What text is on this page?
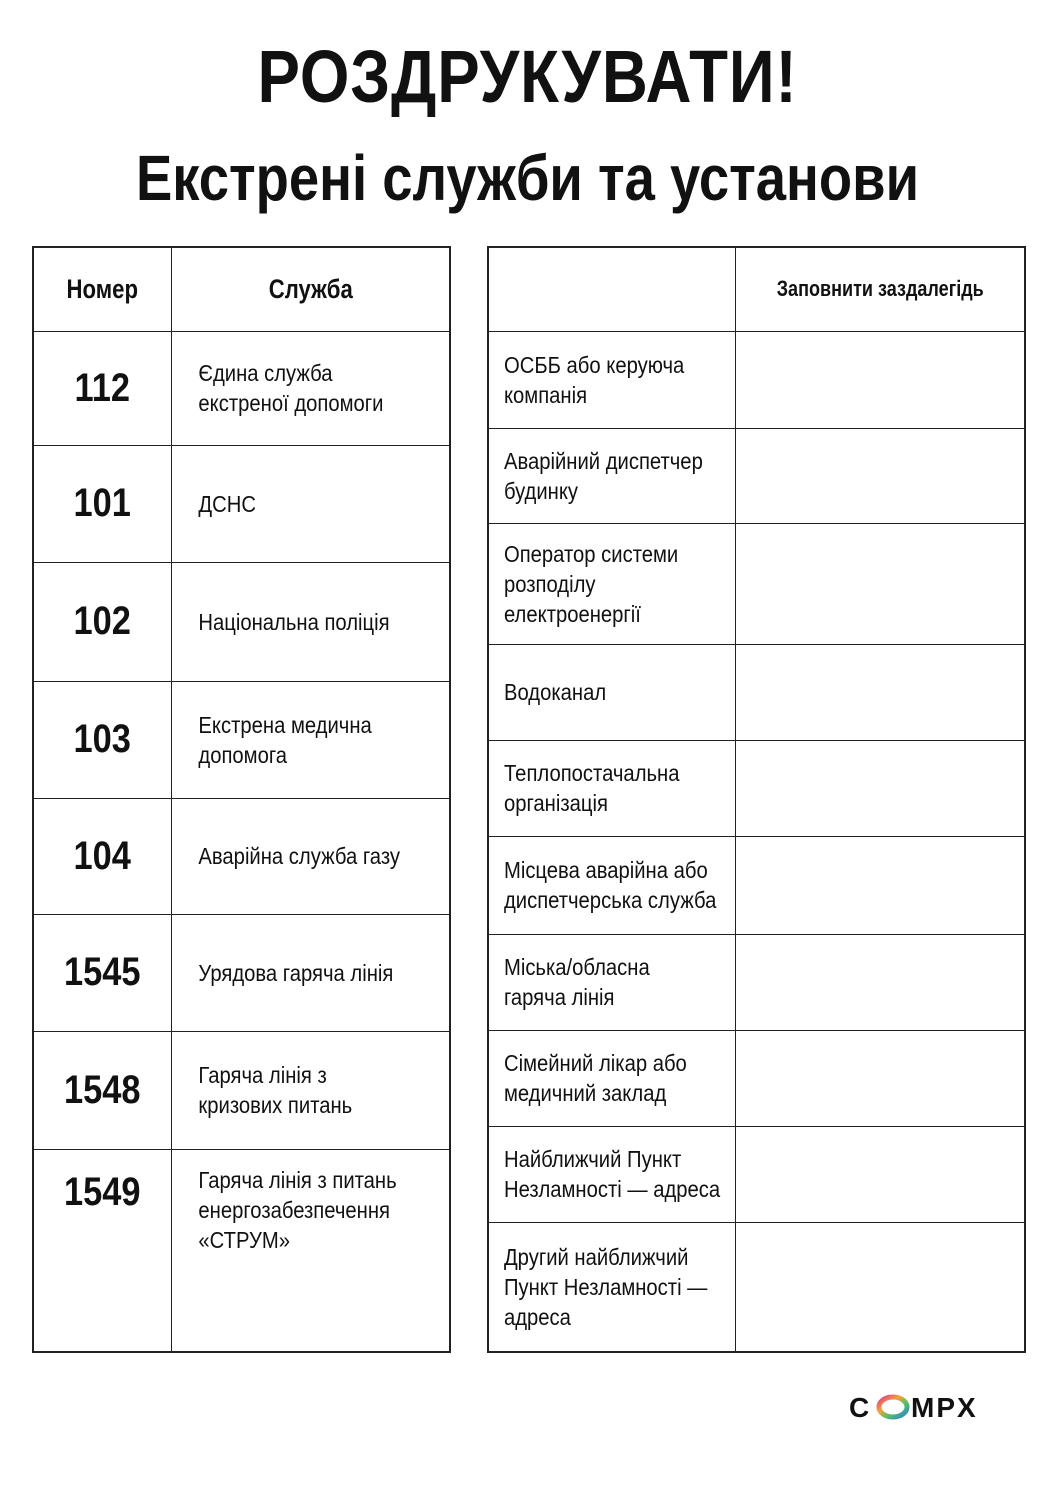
РОЗДРУКУВАТИ!
Екстрені служби та установи
Номер	Служба

112	Єдина служба
екстреної допомоги

101	ДСНС

102	Національна поліція

103	Екстрена медична
допомога

104	Аварійна служба газу

1545	Урядова гаряча лінія

1548	Гаряча лінія з
кризових питань

1549	Гаряча лінія з питань
енергозабезпечення
«СТРУМ»

	Заповнити заздалегідь

ОСББ або керуюча
компанія	

Аварійний диспетчер
будинку	

Оператор системи
розподілу
електроенергії	

Водоканал	

Теплопостачальна
організація	

Місцева аварійна або
диспетчерська служба	

Міська/обласна
гаряча лінія	

Сімейний лікар або
медичний заклад	

Найближчий Пункт
Незламності — адреса	

Другий найближчий
Пункт Незламності —
адреса	

C MPX
